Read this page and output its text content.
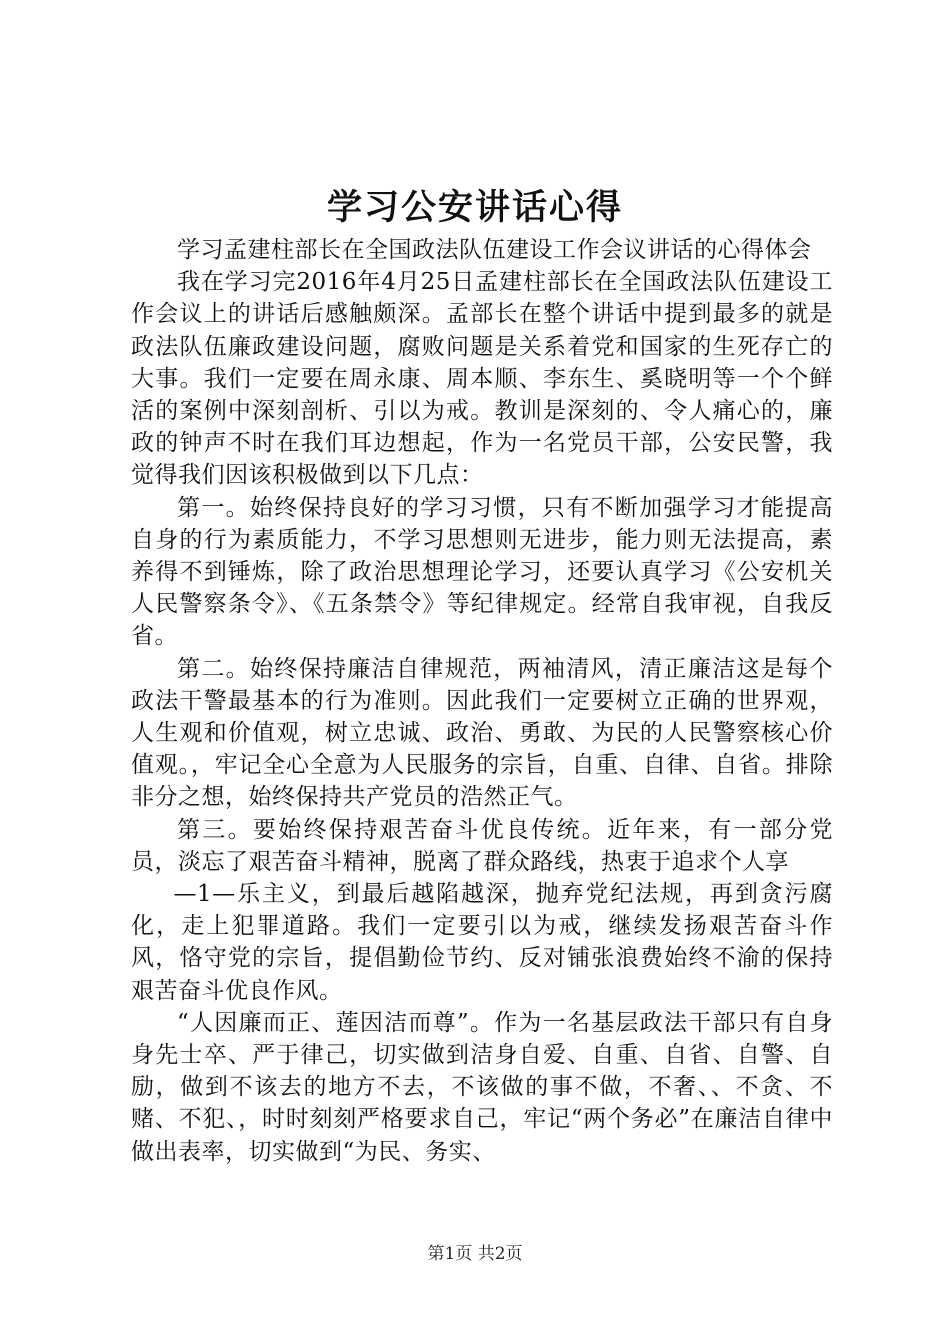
学习公安讲话心得

学习孟建柱部长在全国政法队伍建设工作会议讲话的心得体会

我在学习完2016年4月25日孟建柱部长在全国政法队伍建设工作会议上的讲话后感触颇深。孟部长在整个讲话中提到最多的就是政法队伍廉政建设问题，腐败问题是关系着党和国家的生死存亡的大事。我们一定要在周永康、周本顺、李东生、奚晓明等一个个鲜活的案例中深刻剖析、引以为戒。教训是深刻的、令人痛心的，廉政的钟声不时在我们耳边想起，作为一名党员干部，公安民警，我觉得我们因该积极做到以下几点：

第一。始终保持良好的学习习惯，只有不断加强学习才能提高自身的行为素质能力，不学习思想则无进步，能力则无法提高，素养得不到锤炼，除了政治思想理论学习，还要认真学习《公安机关人民警察条令》、《五条禁令》等纪律规定。经常自我审视，自我反省。

第二。始终保持廉洁自律规范，两袖清风，清正廉洁这是每个政法干警最基本的行为准则。因此我们一定要树立正确的世界观，人生观和价值观，树立忠诚、政治、勇敢、为民的人民警察核心价值观。，牢记全心全意为人民服务的宗旨，自重、自律、自省。排除非分之想，始终保持共产党员的浩然正气。

第三。要始终保持艰苦奋斗优良传统。近年来，有一部分党员，淡忘了艰苦奋斗精神，脱离了群众路线，热衷于追求个人享

—1—乐主义，到最后越陷越深，抛弃党纪法规，再到贪污腐化，走上犯罪道路。我们一定要引以为戒，继续发扬艰苦奋斗作风，恪守党的宗旨，提倡勤俭节约、反对铺张浪费始终不渝的保持艰苦奋斗优良作风。

“人因廉而正、莲因洁而尊”。作为一名基层政法干部只有自身身先士卒、严于律己，切实做到洁身自爱、自重、自省、自警、自励，做到不该去的地方不去，不该做的事不做，不奢、、不贪、不赌、不犯、，时时刻刻严格要求自己，牢记“两个务必”在廉洁自律中做出表率，切实做到“为民、务实、

第1页 共2页
